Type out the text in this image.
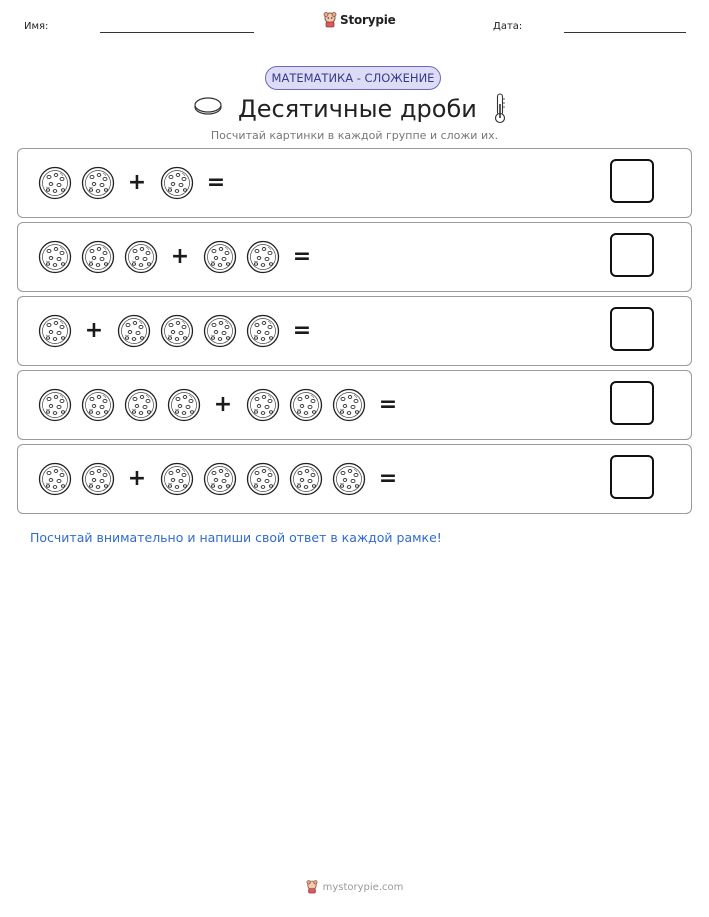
Имя:	Storypie	Дата:
МАТЕМАТИКА - СЛОЖЕНИЕ
Десятичные дроби
Посчитай картинки в каждой группе и сложи их.
+	=
+	=
+	=
+	=
+	=
Посчитай внимательно и напиши свой ответ в каждой рамке!
mystorypie.com
